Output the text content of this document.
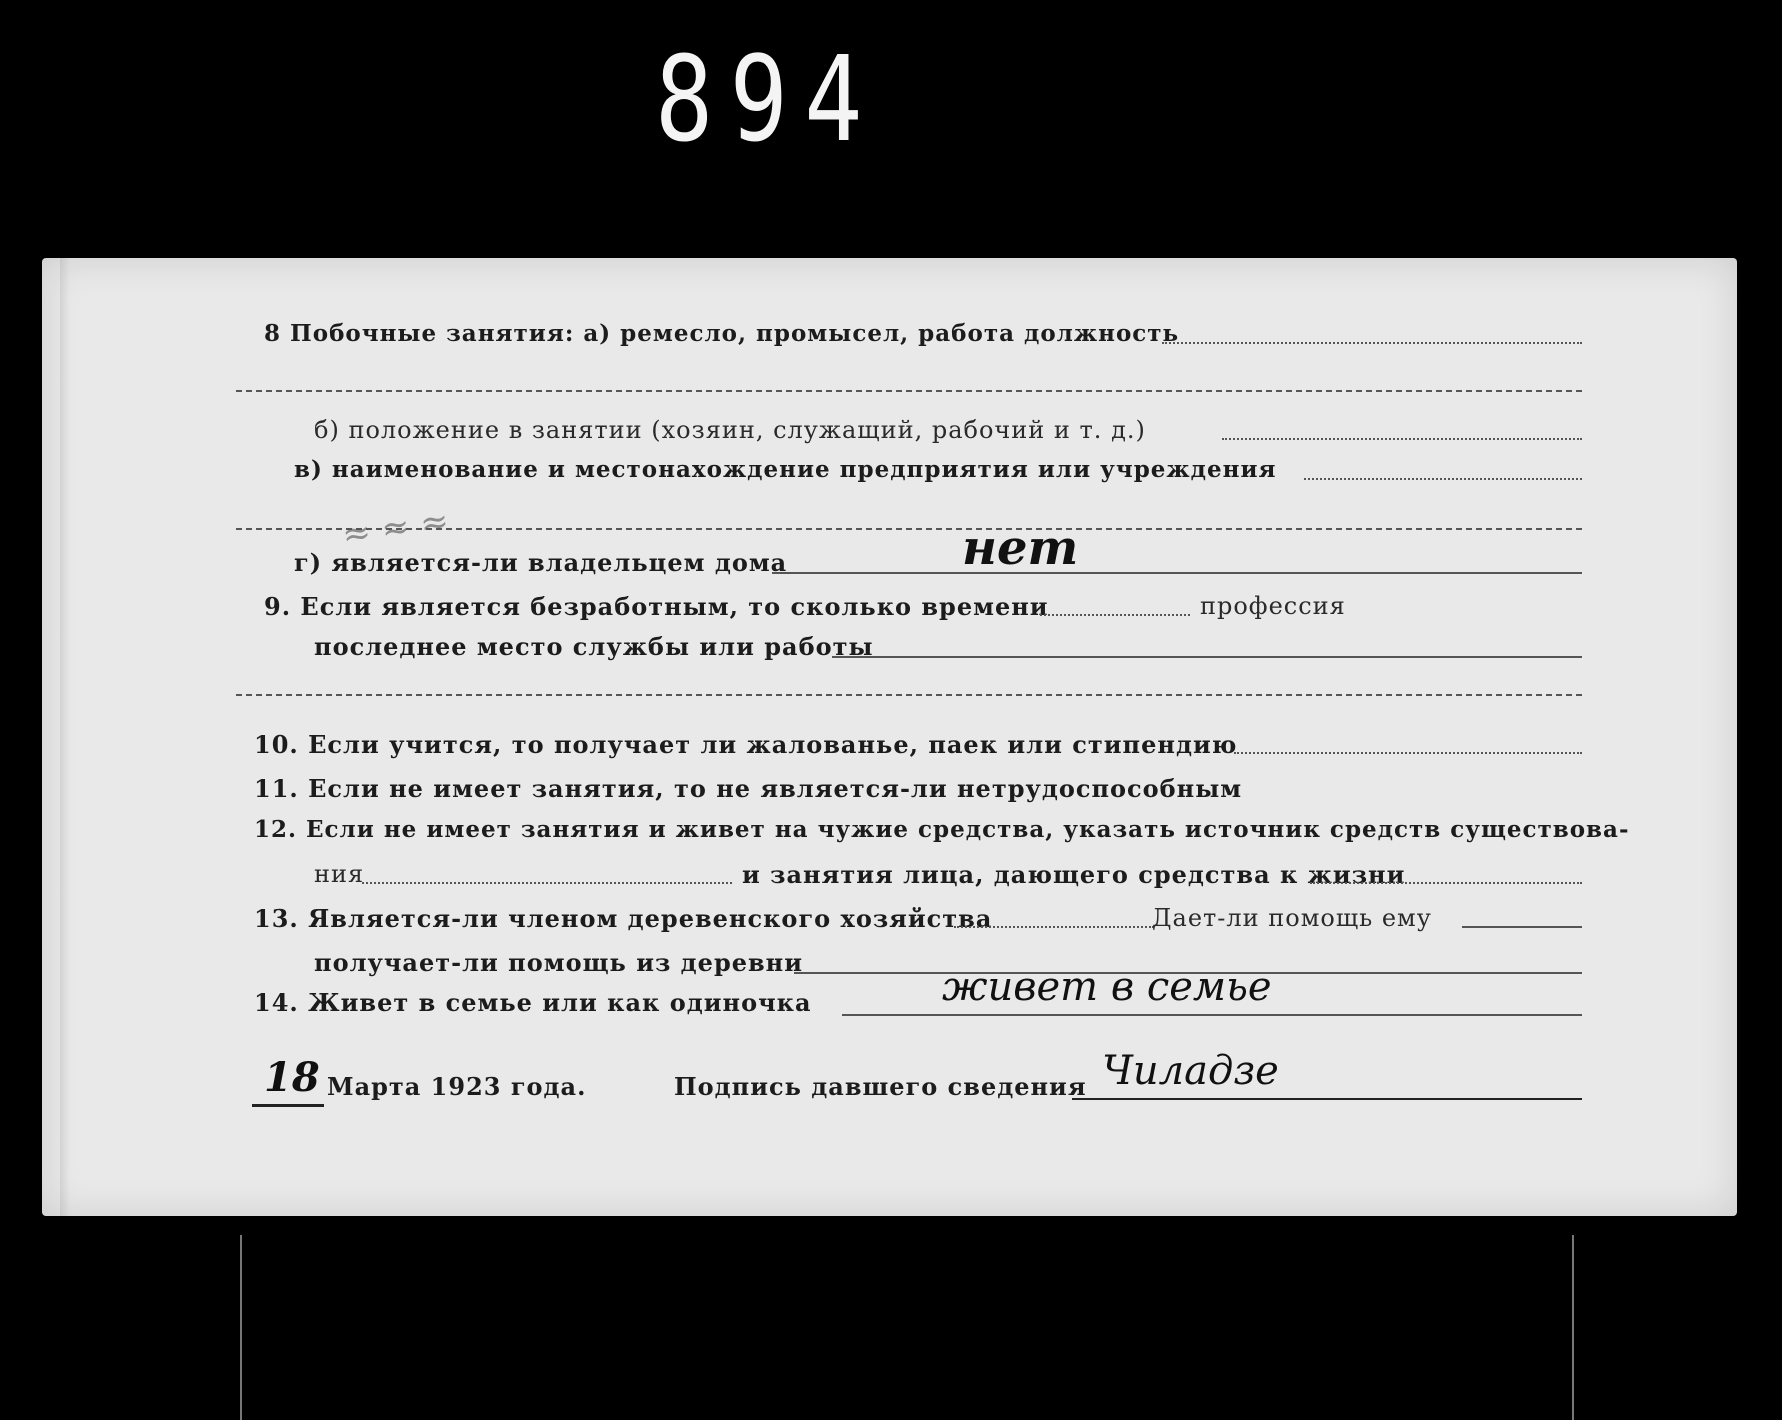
894
≈ ≈ ≈
8 Побочные занятия: а) ремесло, промысел, работа должность
б) положение в занятии (хозяин, служащий, рабочий и т. д.)
в) наименование и местонахождение предприятия или учреждения
г) является-ли владельцем дома	нет
9. Если является безработным, то сколько времени	профессия
последнее место службы или работы
10. Если учится, то получает ли жалованье, паек или стипендию
11. Если не имеет занятия, то не является-ли нетрудоспособным
12. Если не имеет занятия и живет на чужие средства, указать источник средств существова-
ния	и занятия лица, дающего средства к жизни
13. Является-ли членом деревенского хозяйства	Дает-ли помощь ему
получает-ли помощь из деревни
14. Живет в семье или как одиночка	живет в семье
18 Марта 1923 года.	Подпись давшего сведения Чиладзе
